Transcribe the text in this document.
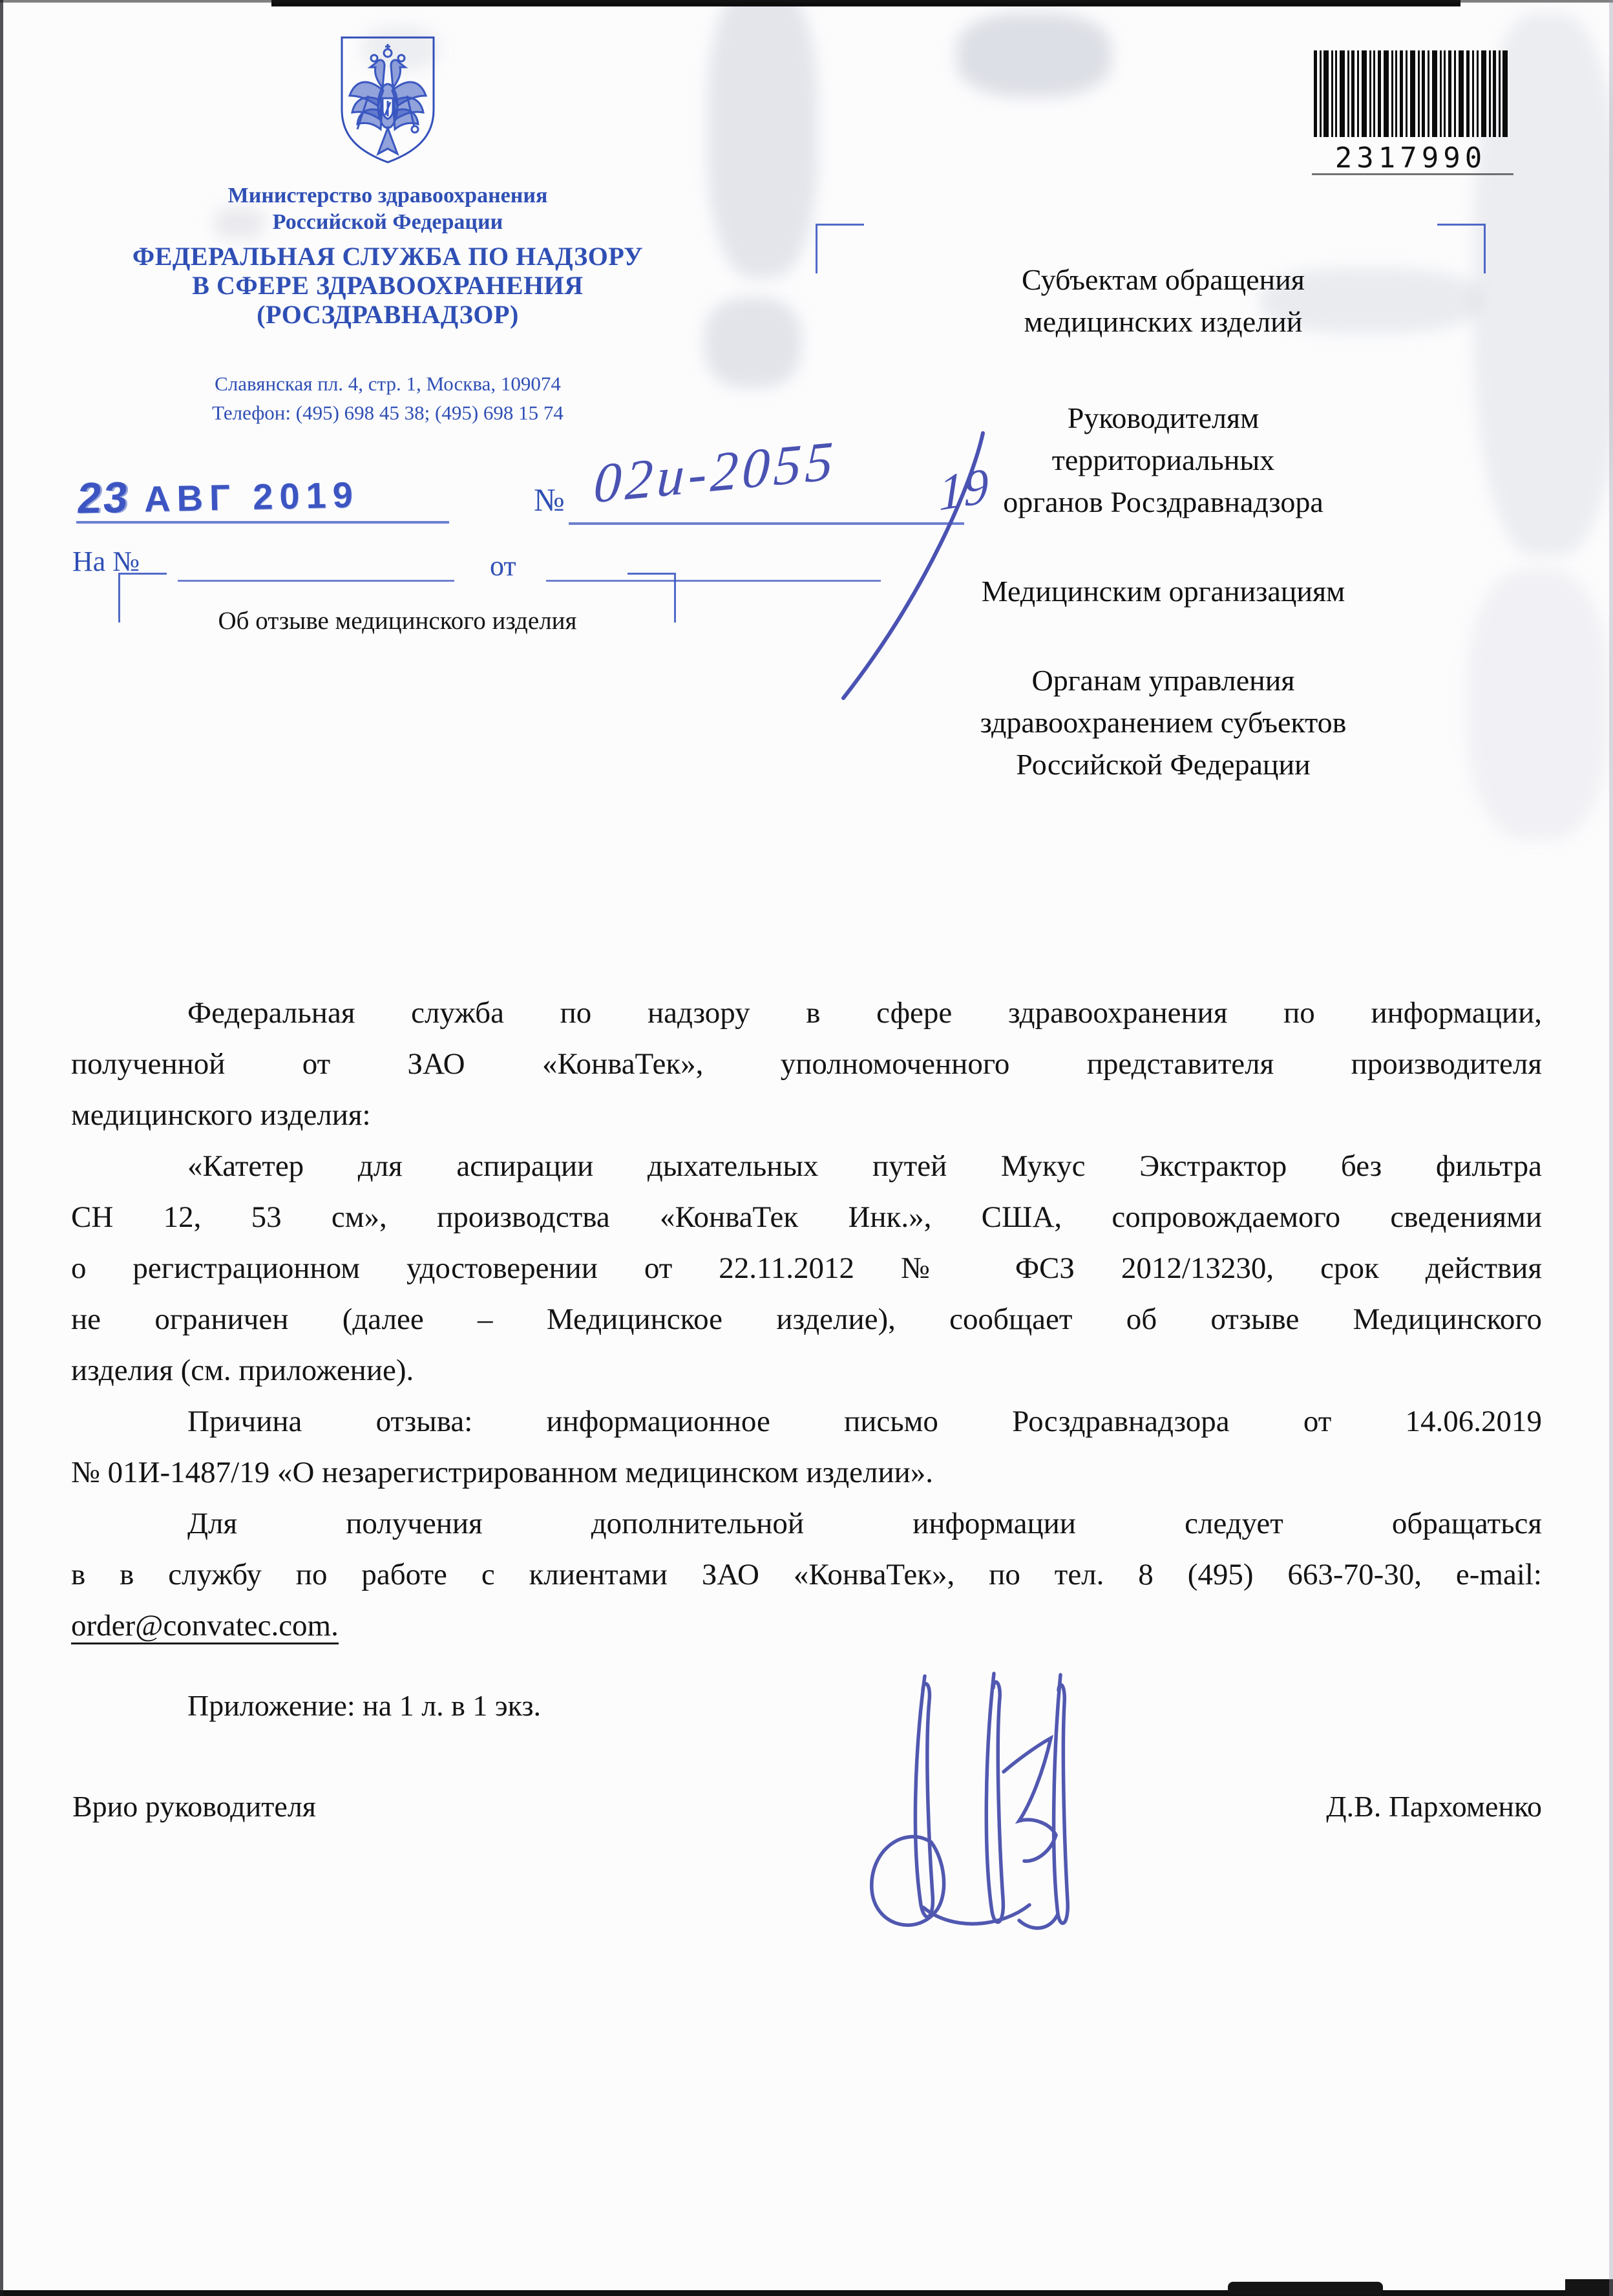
Министерство здравоохранения
Российской Федерации
ФЕДЕРАЛЬНАЯ СЛУЖБА ПО НАДЗОРУ
В СФЕРЕ ЗДРАВООХРАНЕНИЯ
(РОСЗДРАВНАДЗОР)
Славянская пл. 4, стр. 1, Москва, 109074
Телефон: (495) 698 45 38; (495) 698 15 74
2317990
23 АВГ 2019	№ 02и-2055 19
На №	от
Об отзыве медицинского изделия
Субъектам обращения
медицинских изделий
Руководителям
территориальных
органов Росздравнадзора
Медицинским организациям
Органам управления
здравоохранением субъектов
Российской Федерации
Федеральная служба по надзору в сфере здравоохранения по информации,
полученной от ЗАО «КонваТек», уполномоченного представителя производителя
медицинского изделия:
«Катетер для аспирации дыхательных путей Мукус Экстрактор без фильтра
СН 12, 53 см», производства «КонваТек Инк.», США, сопровождаемого сведениями
о регистрационном удостоверении от 22.11.2012 № ФСЗ 2012/13230, срок действия
не ограничен (далее – Медицинское изделие), сообщает об отзыве Медицинского
изделия (см. приложение).
Причина отзыва: информационное письмо Росздравнадзора от 14.06.2019
№ 01И-1487/19 «О незарегистрированном медицинском изделии».
Для получения дополнительной информации следует обращаться
в в службу по работе с клиентами ЗАО «КонваТек», по тел. 8 (495) 663-70-30, e-mail:
order@convatec.com.
Приложение: на 1 л. в 1 экз.
Врио руководителя	Д.В. Пархоменко
